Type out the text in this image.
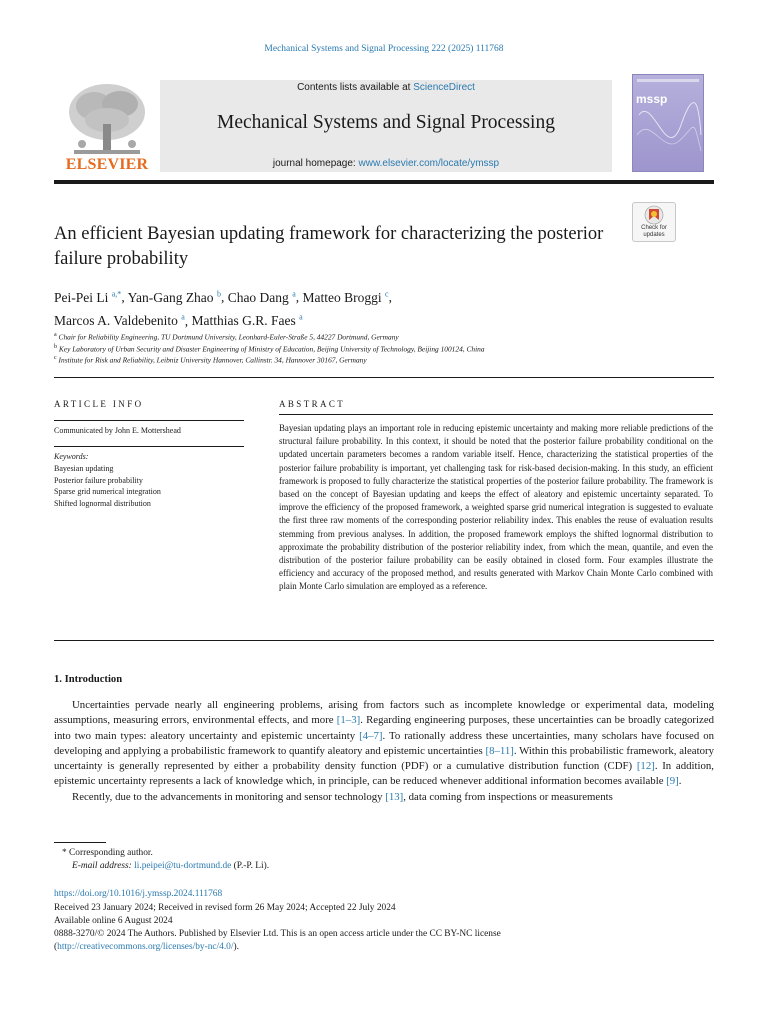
Mechanical Systems and Signal Processing 222 (2025) 111768
ELSEVIER
Contents lists available at ScienceDirect
Mechanical Systems and Signal Processing
journal homepage: www.elsevier.com/locate/ymssp
mssp
An efficient Bayesian updating framework for characterizing the posterior failure probability
Check for updates
Pei-Pei Li $^{a,*}$, Yan-Gang Zhao $^b$, Chao Dang $^a$, Matteo Broggi $^c$,
Marcos A. Valdebenito $^a$, Matthias G.R. Faes $^a$
$^a$ Chair for Reliability Engineering, TU Dortmund University, Leonhard-Euler-Straße 5, 44227 Dortmund, Germany
$^b$ Key Laboratory of Urban Security and Disaster Engineering of Ministry of Education, Beijing University of Technology, Beijing 100124, China
$^c$ Institute for Risk and Reliability, Leibniz University Hannover, Callinstr. 34, Hannover 30167, Germany
ARTICLE INFO
Communicated by John E. Mottershead
Keywords:
Bayesian updating
Posterior failure probability
Sparse grid numerical integration
Shifted lognormal distribution
ABSTRACT
Bayesian updating plays an important role in reducing epistemic uncertainty and making more reliable predictions of the structural failure probability. In this context, it should be noted that the posterior failure probability conditional on the updated uncertain parameters becomes a random variable itself. Hence, characterizing the statistical properties of the posterior failure probability is important, yet challenging task for risk-based decision-making. In this study, an efficient framework is proposed to fully characterize the statistical properties of the posterior failure probability. The framework is based on the concept of Bayesian updating and keeps the effect of aleatory and epistemic uncertainty separated. To improve the efficiency of the proposed framework, a weighted sparse grid numerical integration is suggested to evaluate the first three raw moments of the corresponding posterior reliability index. This enables the reuse of evaluation results stemming from previous analyses. In addition, the proposed framework employs the shifted lognormal distribution to approximate the probability distribution of the posterior reliability index, from which the mean, quantile, and even the distribution of the posterior failure probability can be easily obtained in closed form. Four examples illustrate the efficiency and accuracy of the proposed method, and results generated with Markov Chain Monte Carlo combined with plain Monte Carlo simulation are employed as a reference.
1. Introduction

Uncertainties pervade nearly all engineering problems, arising from factors such as incomplete knowledge or experimental data, modeling assumptions, measuring errors, environmental effects, and more [1–3]. Regarding engineering purposes, these uncertainties can be broadly categorized into two main types: aleatory uncertainty and epistemic uncertainty [4–7]. To rationally address these uncertainties, many scholars have focused on developing and applying a probabilistic framework to quantify aleatory and epistemic uncertainties [8–11]. Within this probabilistic framework, aleatory uncertainty is generally represented by either a probability density function (PDF) or a cumulative distribution function (CDF) [12]. In addition, epistemic uncertainty represents a lack of knowledge which, in principle, can be reduced whenever additional information becomes available [9].

Recently, due to the advancements in monitoring and sensor technology [13], data coming from inspections or measurements

* Corresponding author.
E-mail address: li.peipei@tu-dortmund.de (P.-P. Li).
https://doi.org/10.1016/j.ymssp.2024.111768
Received 23 January 2024; Received in revised form 26 May 2024; Accepted 22 July 2024
Available online 6 August 2024
0888-3270/© 2024 The Authors. Published by Elsevier Ltd. This is an open access article under the CC BY-NC license
(http://creativecommons.org/licenses/by-nc/4.0/).
